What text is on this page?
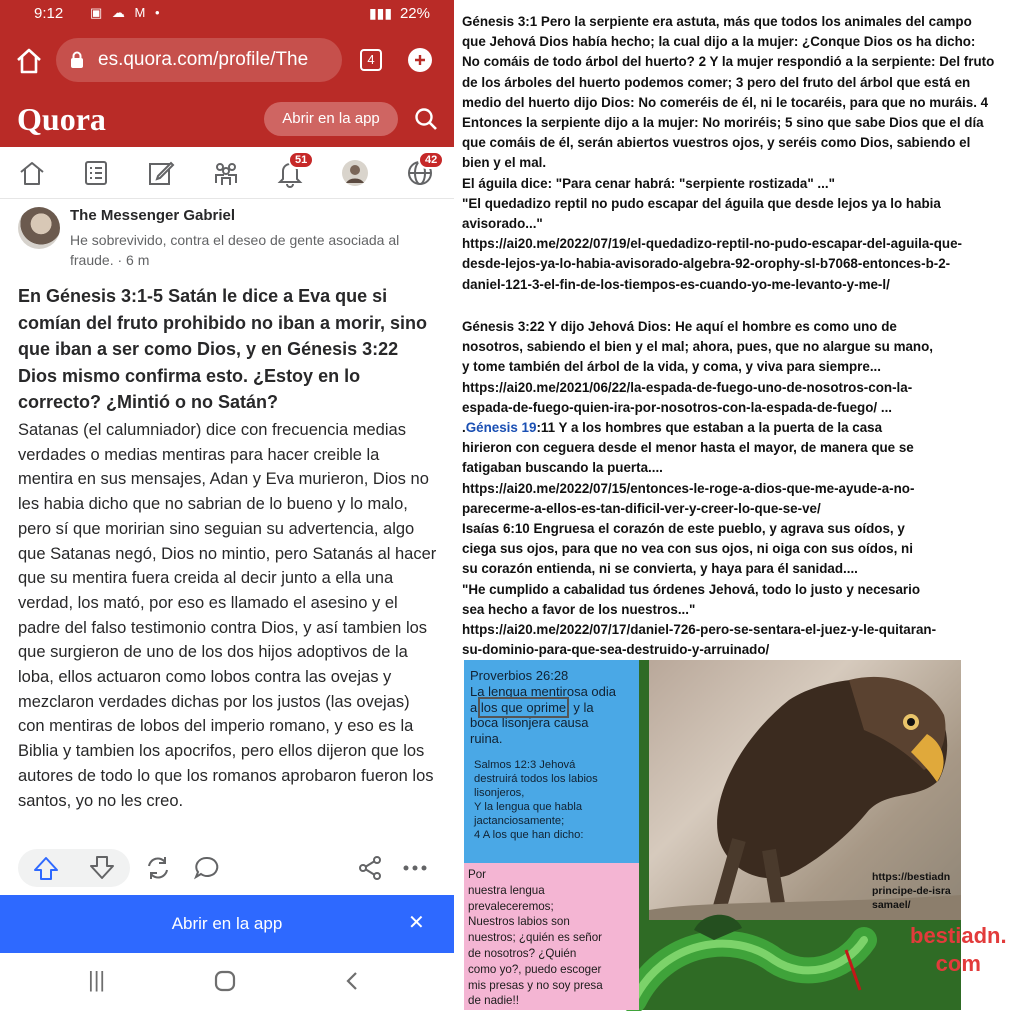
9:12 ▣ ☁ M •	▮▮▮ 22%
es.quora.com/profile/The	4
Quora	Abrir en la app
51	42
The Messenger Gabriel
He sobrevivido, contra el deseo de gente asociada al fraude. · 6 m
En Génesis 3:1-5 Satán le dice a Eva que si comían del fruto prohibido no iban a morir, sino que iban a ser como Dios, y en Génesis 3:22 Dios mismo confirma esto. ¿Estoy en lo correcto? ¿Mintió o no Satán?
Satanas (el calumniador) dice con frecuencia medias verdades o medias mentiras para hacer creible la mentira en sus mensajes, Adan y Eva murieron, Dios no les habia dicho que no sabrian de lo bueno y lo malo, pero sí que moririan sino seguian su advertencia, algo que Satanas negó, Dios no mintio, pero Satanás al hacer que su mentira fuera creida al decir junto a ella una verdad, los mató, por eso es llamado el asesino y el padre del falso testimonio contra Dios, y así tambien los que surgieron de uno de los dos hijos adoptivos de la loba, ellos actuaron como lobos contra las ovejas y mezclaron verdades dichas por los justos (las ovejas) con mentiras de lobos del imperio romano, y eso es la Biblia y tambien los apocrifos, pero ellos dijeron que los autores de todo lo que los romanos aprobaron fueron los santos, yo no les creo.
Abrir en la app	✕
|||

Génesis 3:1 Pero la serpiente era astuta, más que todos los animales del campo

que Jehová Dios había hecho; la cual dijo a la mujer: ¿Conque Dios os ha dicho:

No comáis de todo árbol del huerto? 2 Y la mujer respondió a la serpiente: Del fruto

de los árboles del huerto podemos comer; 3 pero del fruto del árbol que está en

medio del huerto dijo Dios: No comeréis de él, ni le tocaréis, para que no muráis. 4

Entonces la serpiente dijo a la mujer: No moriréis; 5 sino que sabe Dios que el día

que comáis de él, serán abiertos vuestros ojos, y seréis como Dios, sabiendo el

bien y el mal.

El águila dice: "Para cenar habrá: "serpiente rostizada" ..."

"El quedadizo reptil no pudo escapar del águila que desde lejos ya lo habia

avisorado..."

https://ai20.me/2022/07/19/el-quedadizo-reptil-no-pudo-escapar-del-aguila-que-

desde-lejos-ya-lo-habia-avisorado-algebra-92-orophy-sl-b7068-entonces-b-2-

daniel-121-3-el-fin-de-los-tiempos-es-cuando-yo-me-levanto-y-me-l/

Génesis 3:22 Y dijo Jehová Dios: He aquí el hombre es como uno de

nosotros, sabiendo el bien y el mal; ahora, pues, que no alargue su mano,

y tome también del árbol de la vida, y coma, y viva para siempre...

https://ai20.me/2021/06/22/la-espada-de-fuego-uno-de-nosotros-con-la-

espada-de-fuego-quien-ira-por-nosotros-con-la-espada-de-fuego/ ...

.Génesis 19:11 Y a los hombres que estaban a la puerta de la casa

hirieron con ceguera desde el menor hasta el mayor, de manera que se

fatigaban buscando la puerta....

https://ai20.me/2022/07/15/entonces-le-roge-a-dios-que-me-ayude-a-no-

parecerme-a-ellos-es-tan-dificil-ver-y-creer-lo-que-se-ve/

Isaías 6:10 Engruesa el corazón de este pueblo, y agrava sus oídos, y

ciega sus ojos, para que no vea con sus ojos, ni oiga con sus oídos, ni

su corazón entienda, ni se convierta, y haya para él sanidad....

"He cumplido a cabalidad tus órdenes Jehová, todo lo justo y necesario

sea hecho a favor de los nuestros..."

https://ai20.me/2022/07/17/daniel-726-pero-se-sentara-el-juez-y-le-quitaran-

su-dominio-para-que-sea-destruido-y-arruinado/

Proverbios 26:28
La lengua mentirosa odia
a los que oprime, y la
boca lisonjera causa
ruina.

Salmos 12:3 Jehová

destruirá todos los labios

lisonjeros,

Y la lengua que habla

jactanciosamente;

4 A los que han dicho:

Por

nuestra lengua

prevaleceremos;

Nuestros labios son

nuestros; ¿quién es señor

de nosotros? ¿Quién

como yo?, puedo escoger

mis presas y no soy presa

de nadie!!

https://bestiadn

principe-de-isra

samael/

bestiadn.
com
